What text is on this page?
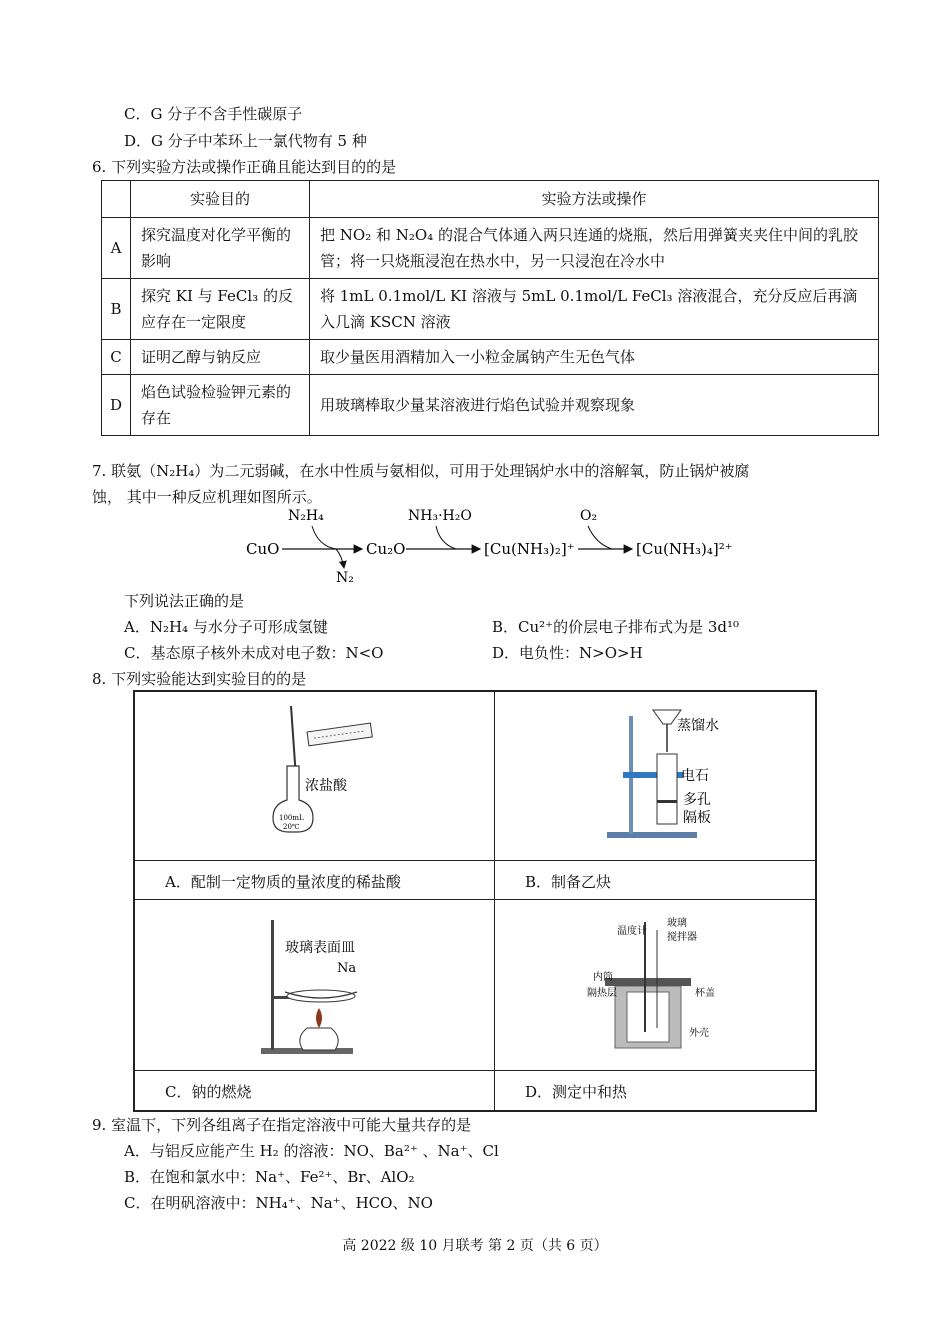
C．G 分子不含手性碳原子
D．G 分子中苯环上一氯代物有 5 种
6. 下列实验方法或操作正确且能达到目的的是
	实验目的	实验方法或操作
A	探究温度对化学平衡的影响	把 NO₂ 和 N₂O₄ 的混合气体通入两只连通的烧瓶，然后用弹簧夹夹住中间的乳胶管；将一只烧瓶浸泡在热水中，另一只浸泡在冷水中
B	探究 KI 与 FeCl₃ 的反应存在一定限度	将 1mL 0.1mol/L KI 溶液与 5mL 0.1mol/L FeCl₃ 溶液混合，充分反应后再滴入几滴 KSCN 溶液
C	证明乙醇与钠反应	取少量医用酒精加入一小粒金属钠产生无色气体
D	焰色试验检验钾元素的存在	用玻璃棒取少量某溶液进行焰色试验并观察现象
7. 联氨（N₂H₄）为二元弱碱，在水中性质与氨相似，可用于处理锅炉水中的溶解氧，防止锅炉被腐
蚀， 其中一种反应机理如图所示。
CuO
N₂H₄
N₂
Cu₂O
NH₃·H₂O
[Cu(NH₃)₂]⁺
O₂
[Cu(NH₃)₄]²⁺
下列说法正确的是
A．N₂H₄ 与水分子可形成氢键	B．Cu²⁺的价层电子排布式为是 3d¹⁰
C．基态原子核外未成对电子数：N<O	D．电负性：N>O>H
8. 下列实验能达到实验目的的是
浓盐酸
100mL
20℃
蒸馏水
电石
多孔
隔板
A．配制一定物质的量浓度的稀盐酸	B．制备乙炔
玻璃表面皿
Na
温度计
玻璃
搅拌器
内筒
隔热层	杯盖
外壳
C．钠的燃烧	D．测定中和热
9. 室温下，下列各组离子在指定溶液中可能大量共存的是
A．与铝反应能产生 H₂ 的溶液：NO、Ba²⁺ 、Na⁺、Cl
B．在饱和氯水中：Na⁺、Fe²⁺、Br、AlO₂
C．在明矾溶液中：NH₄⁺、Na⁺、HCO、NO
高 2022 级 10 月联考 第 2 页（共 6 页）
